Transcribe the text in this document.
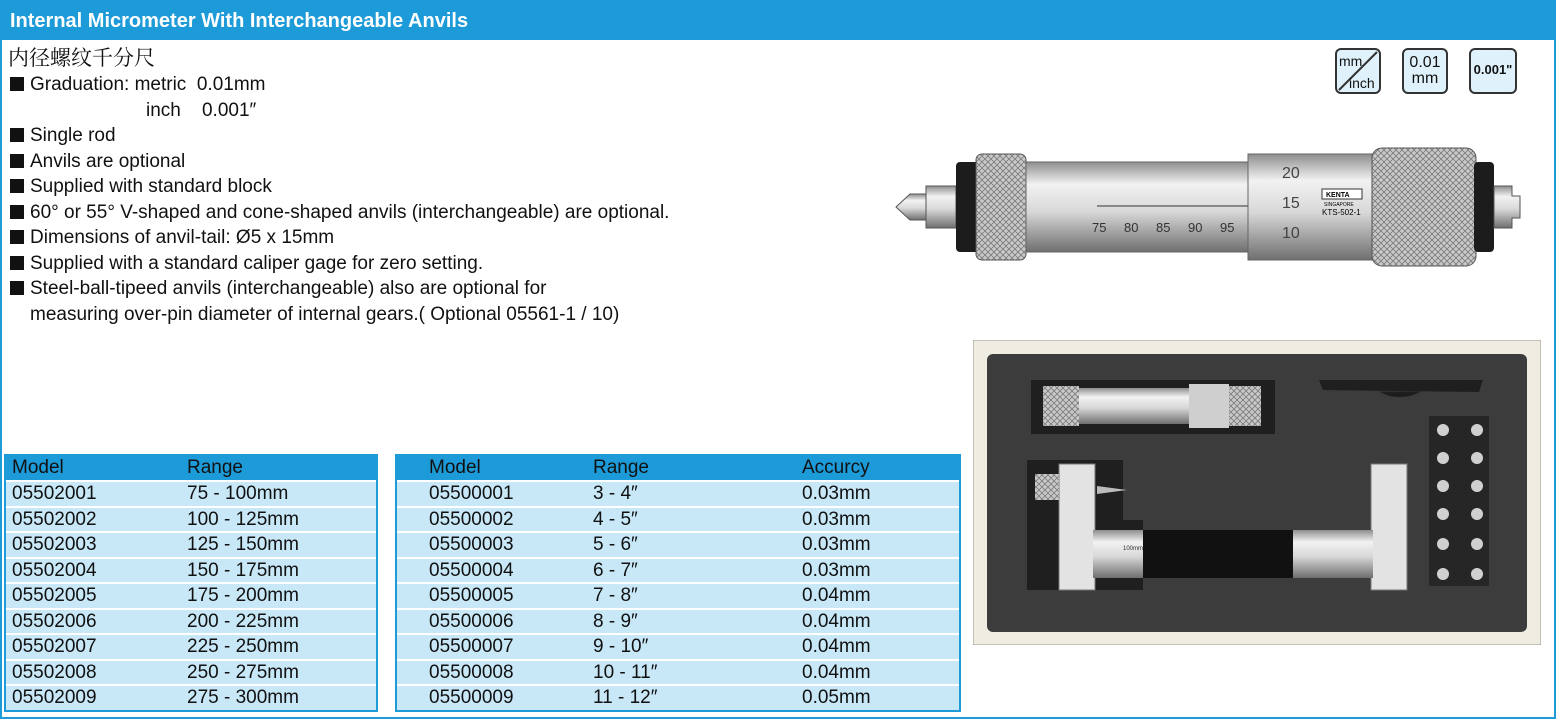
Internal Micrometer With Interchangeable Anvils
内径螺纹千分尺
Graduation: metric  0.01mm
inch    0.001″
Single rod
Anvils are optional
Supplied with standard block
60° or 55° V-shaped and cone-shaped anvils (interchangeable) are optional.
Dimensions of anvil-tail: Ø5 x 15mm
Supplied with a standard caliper gage for zero setting.
Steel-ball-tipeed anvils (interchangeable) also are optional for
measuring over-pin diameter of internal gears.( Optional 05561-1 / 10)
mm
inch
0.01
mm
0.001"
75 80 85 90 95
20
15
10
KENTA
SINGAPORE
KTS-502-1
100mm
Model	Range
05502001	75 - 100mm
05502002	100 - 125mm
05502003	125 - 150mm
05502004	150 - 175mm
05502005	175 - 200mm
05502006	200 - 225mm
05502007	225 - 250mm
05502008	250 - 275mm
05502009	275 - 300mm
Model	Range	Accurcy
05500001	3 - 4″	0.03mm
05500002	4 - 5″	0.03mm
05500003	5 - 6″	0.03mm
05500004	6 - 7″	0.03mm
05500005	7 - 8″	0.04mm
05500006	8 - 9″	0.04mm
05500007	9 - 10″	0.04mm
05500008	10 - 11″	0.04mm
05500009	11 - 12″	0.05mm
